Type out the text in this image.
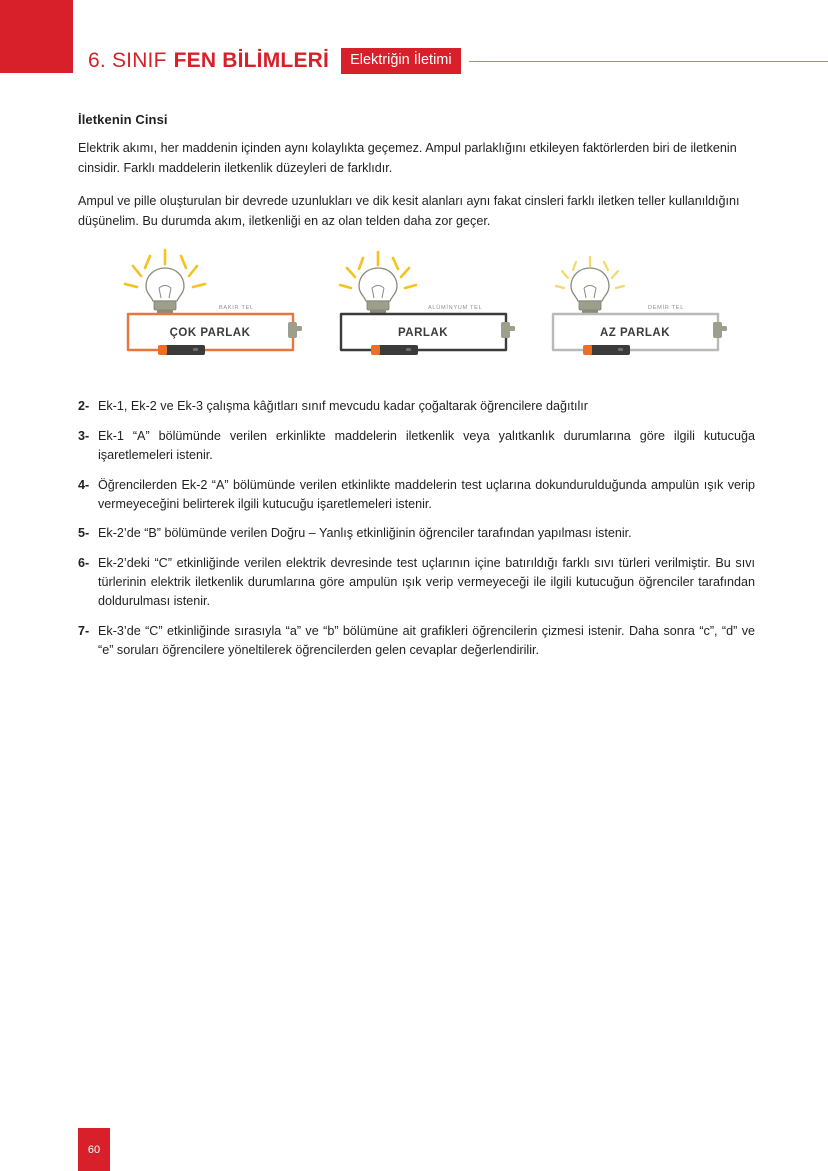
6. SINIF FEN BİLİMLERİ	Elektriğin İletimi
İletkenin Cinsi

Elektrik akımı, her maddenin içinden aynı kolaylıkta geçemez. Ampul parlaklığını etkileyen faktörlerden biri de iletkenin cinsidir. Farklı maddelerin iletkenlik düzeyleri de farklıdır.

Ampul ve pille oluşturulan bir devrede uzunlukları ve dik kesit alanları aynı fakat cinsleri farklı iletken teller kullanıldığını düşünelim. Bu durumda akım, iletkenliği en az olan telden daha zor geçer.

BAKIR TEL
ÇOK PARLAK
ALÜMİNYUM TEL
PARLAK
DEMİR TEL
AZ PARLAK
2- Ek-1, Ek-2 ve Ek-3 çalışma kâğıtları sınıf mevcudu kadar çoğaltarak öğrencilere dağıtılır
3- Ek-1 “A” bölümünde verilen erkinlikte maddelerin iletkenlik veya yalıtkanlık durumlarına göre ilgili kutucuğa işaretlemeleri istenir.
4- Öğrencilerden Ek-2 “A” bölümünde verilen etkinlikte maddelerin test uçlarına dokundurulduğunda ampulün ışık verip vermeyeceğini belirterek ilgili kutucuğu işaretlemeleri istenir.
5- Ek-2’de “B” bölümünde verilen Doğru – Yanlış etkinliğinin öğrenciler tarafından yapılması istenir.
6- Ek-2’deki “C” etkinliğinde verilen elektrik devresinde test uçlarının içine batırıldığı farklı sıvı türleri verilmiştir. Bu sıvı türlerinin elektrik iletkenlik durumlarına göre ampulün ışık verip vermeyeceği ile ilgili kutucuğun öğrenciler tarafından doldurulması istenir.
7- Ek-3’de “C” etkinliğinde sırasıyla “a” ve “b” bölümüne ait grafikleri öğrencilerin çizmesi istenir. Daha sonra “c”, “d” ve “e” soruları öğrencilere yöneltilerek öğrencilerden gelen cevaplar değerlendirilir.
60
